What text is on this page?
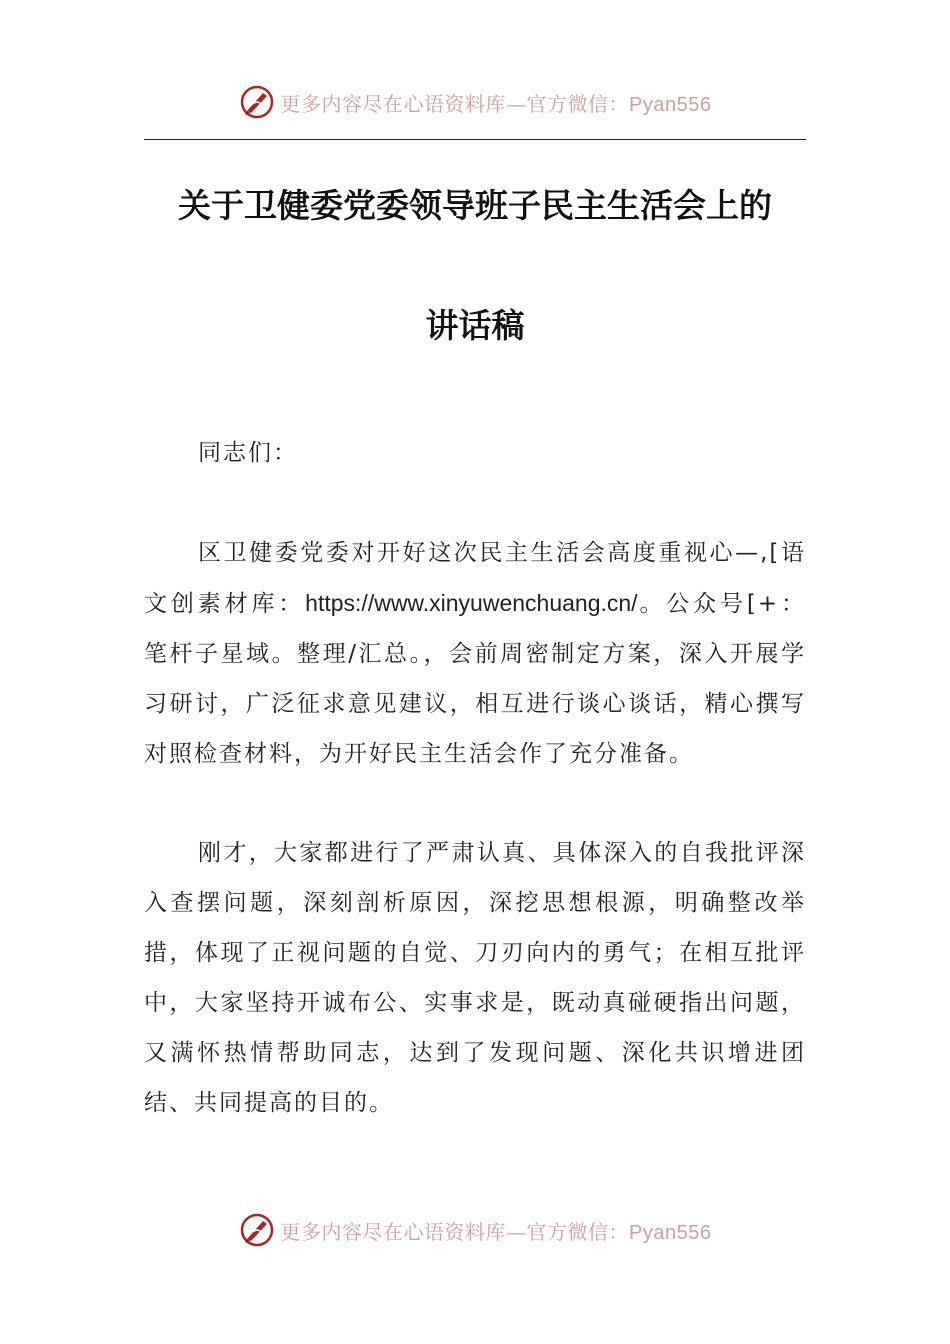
更多内容尽在心语资料库—官方微信：Pyan556
关于卫健委党委领导班子民主生活会上的
讲话稿
同志们：
区卫健委党委对开好这次民主生活会高度重视心—,[语文创素材库：https://www.xinyuwenchuang.cn/。公众号[+：笔杆子星域。整理/汇总。，会前周密制定方案，深入开展学习研讨，广泛征求意见建议，相互进行谈心谈话，精心撰写对照检查材料，为开好民主生活会作了充分准备。
刚才，大家都进行了严肃认真、具体深入的自我批评深入查摆问题，深刻剖析原因，深挖思想根源，明确整改举措，体现了正视问题的自觉、刀刃向内的勇气；在相互批评中，大家坚持开诚布公、实事求是，既动真碰硬指出问题，又满怀热情帮助同志，达到了发现问题、深化共识增进团结、共同提高的目的。
更多内容尽在心语资料库—官方微信：Pyan556
